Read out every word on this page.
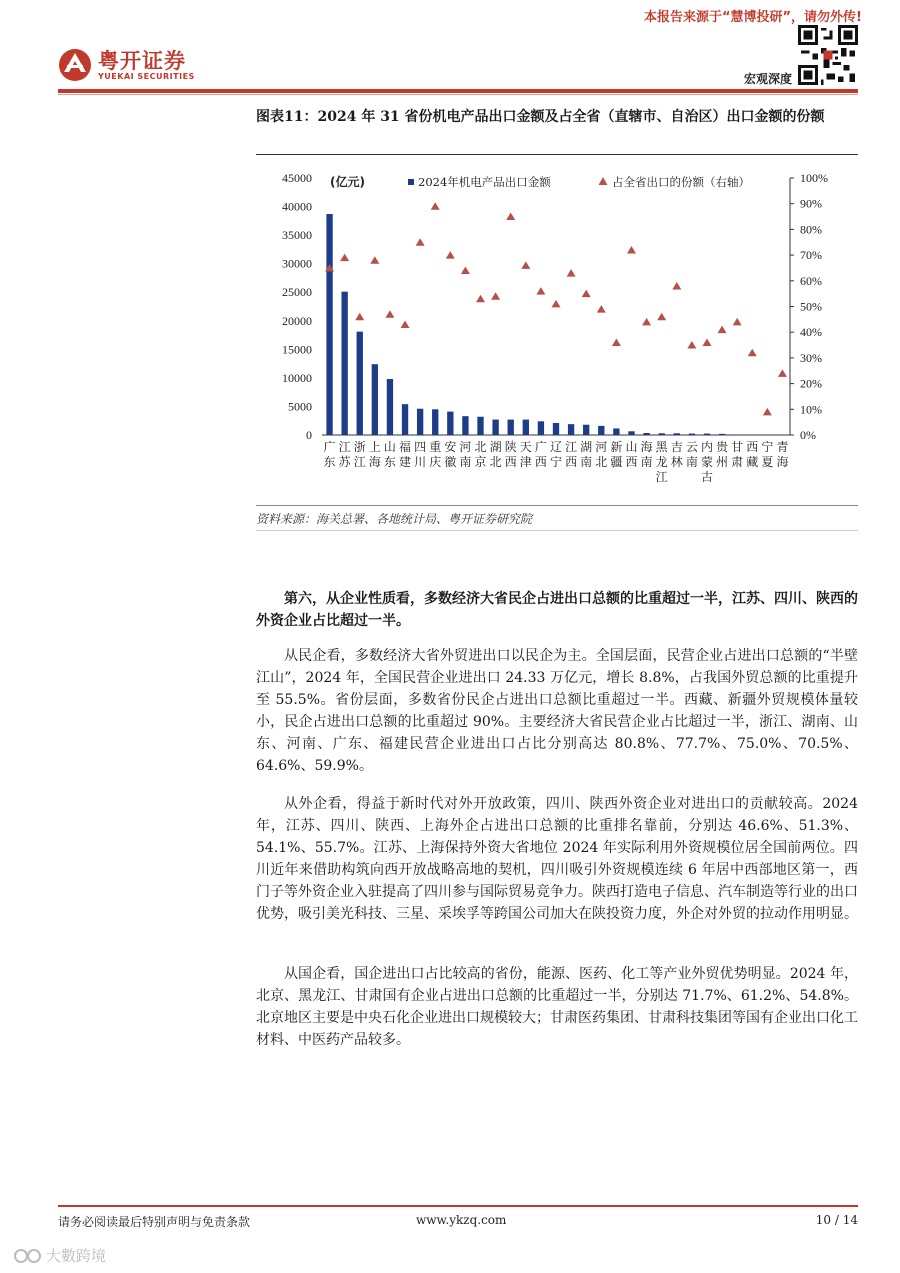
本报告来源于“慧博投研”，请勿外传!
粤开证券
YUEKAI SECURITIES	宏观深度
图表11：2024 年 31 省份机电产品出口金额及占全省（直辖市、自治区）出口金额的份额
0
5000
10000
15000
20000
25000
30000
35000
40000
45000 (亿元)
0%
10%
20%
30%
40%
50%
60%
70%
80%
90%
100%
广东
江苏
浙江
上海
山东
福建
四川
重庆
安徽
河南
北京
湖北
陕西
天津
广西
辽宁
江西
湖南
河北
新疆
山西
海南
黑龙江
吉林
云南
内蒙古
贵州
甘肃
西藏
宁夏
青海
2024年机电产品出口金额	占全省出口的份额（右轴）
资料来源：海关总署、各地统计局、粤开证券研究院
第六，从企业性质看，多数经济大省民企占进出口总额的比重超过一半，江苏、四川、陕西的外资企业占比超过一半。
从民企看，多数经济大省外贸进出口以民企为主。全国层面，民营企业占进出口总额的“半壁江山”，2024 年，全国民营企业进出口 24.33 万亿元，增长 8.8%，占我国外贸总额的比重提升至 55.5%。省份层面，多数省份民企占进出口总额比重超过一半。西藏、新疆外贸规模体量较小，民企占进出口总额的比重超过 90%。主要经济大省民营企业占比超过一半，浙江、湖南、山东、河南、广东、福建民营企业进出口占比分别高达 80.8%、77.7%、75.0%、70.5%、64.6%、59.9%。
从外企看，得益于新时代对外开放政策，四川、陕西外资企业对进出口的贡献较高。2024 年，江苏、四川、陕西、上海外企占进出口总额的比重排名靠前，分别达 46.6%、51.3%、54.1%、55.7%。江苏、上海保持外资大省地位 2024 年实际利用外资规模位居全国前两位。四川近年来借助构筑向西开放战略高地的契机，四川吸引外资规模连续 6 年居中西部地区第一，西门子等外资企业入驻提高了四川参与国际贸易竞争力。陕西打造电子信息、汽车制造等行业的出口优势，吸引美光科技、三星、采埃孚等跨国公司加大在陕投资力度，外企对外贸的拉动作用明显。
从国企看，国企进出口占比较高的省份，能源、医药、化工等产业外贸优势明显。2024 年，北京、黑龙江、甘肃国有企业占进出口总额的比重超过一半，分别达 71.7%、61.2%、54.8%。北京地区主要是中央石化企业进出口规模较大；甘肃医药集团、甘肃科技集团等国有企业出口化工材料、中医药产品较多。
请务必阅读最后特别声明与免责条款	www.ykzq.com	10 / 14
大數跨境
